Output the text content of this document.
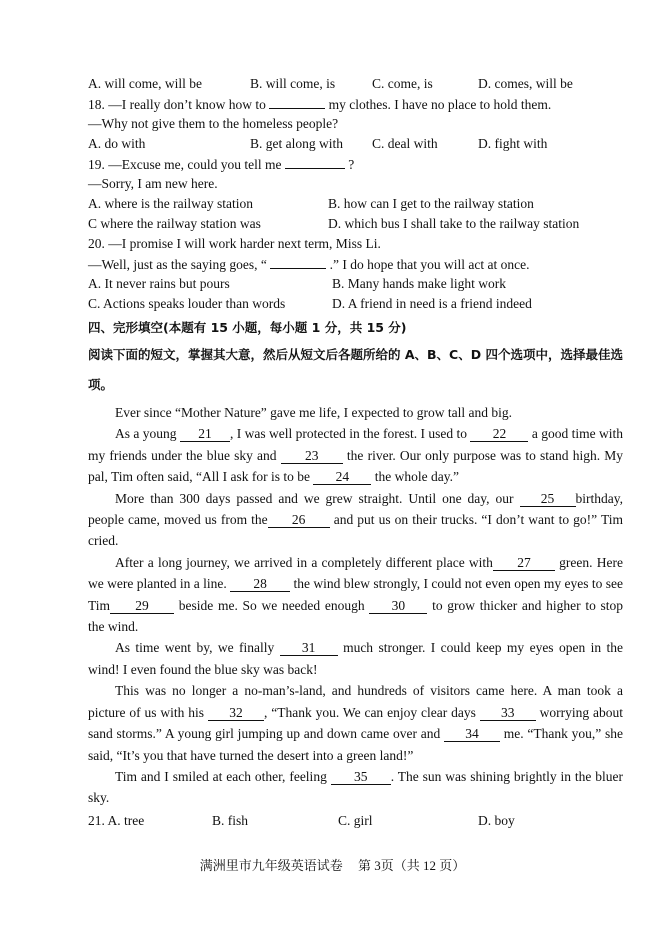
A. will come, will be	B. will come, is	C. come, is	D. comes, will be
18. —I really don’t know how to	my clothes. I have no place to hold them.
—Why not give them to the homeless people?
A. do with	B. get along with C. deal with	D. fight with
19. —Excuse me, could you tell me	?
—Sorry, I am new here.
A. where is the railway station	B. how can I get to the railway station
C where the railway station was	D. which bus I shall take to the railway station
20. —I promise I will work harder next term, Miss Li.
—Well, just as the saying goes, “	.” I do hope that you will act at once.
A. It never rains but pours	B. Many hands make light work
C. Actions speaks louder than words	D. A friend in need is a friend indeed
四、完形填空(本题有 15 小题，每小题 1 分，共 15 分)
阅读下面的短文，掌握其大意，然后从短文后各题所给的 A、B、C、D 四个选项中，选择最佳选项。

Ever since “Mother Nature” gave me life, I expected to grow tall and big.

As a young 21 , I was well protected in the forest. I used to 22 a good time with my friends under the blue sky and 23 the river. Our only purpose was to stand high. My pal, Tim often said, “All I ask for is to be 24 the whole day.”

More than 300 days passed and we grew straight. Until one day, our 25 birthday, people came, moved us from the 26 and put us on their trucks. “I don’t want to go!” Tim cried.

After a long journey, we arrived in a completely different place with 27 green. Here we were planted in a line. 28 the wind blew strongly, I could not even open my eyes to see Tim 29 beside me. So we needed enough 30 to grow thicker and higher to stop the wind.

As time went by, we finally 31 much stronger. I could keep my eyes open in the wind! I even found the blue sky was back!

This was no longer a no-man’s-land, and hundreds of visitors came here. A man took a picture of us with his 32 , “Thank you. We can enjoy clear days 33 worrying about sand storms.” A young girl jumping up and down came over and 34 me. “Thank you,” she said, “It’s you that have turned the desert into a green land!”

Tim and I smiled at each other, feeling 35 . The sun was shining brightly in the bluer sky.

21. A. tree	B. fish	C. girl	D. boy
满洲里市九年级英语试卷 第 3页（共 12 页）
